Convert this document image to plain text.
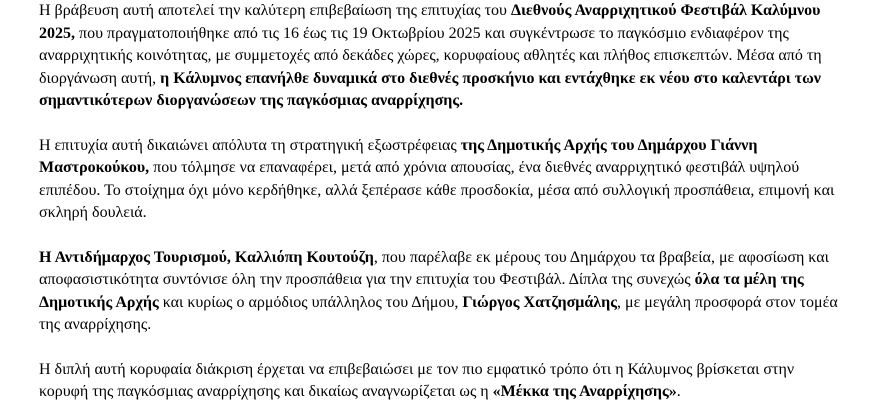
Η βράβευση αυτή αποτελεί την καλύτερη επιβεβαίωση της επιτυχίας του Διεθνούς Αναρριχητικού Φεστιβάλ Καλύμνου 2025, που πραγματοποιήθηκε από τις 16 έως τις 19 Οκτωβρίου 2025 και συγκέντρωσε το παγκόσμιο ενδιαφέρον της αναρριχητικής κοινότητας, με συμμετοχές από δεκάδες χώρες, κορυφαίους αθλητές και πλήθος επισκεπτών. Μέσα από τη διοργάνωση αυτή, η Κάλυμνος επανήλθε δυναμικά στο διεθνές προσκήνιο και εντάχθηκε εκ νέου στο καλεντάρι των σημαντικότερων διοργανώσεων της παγκόσμιας αναρρίχησης.

Η επιτυχία αυτή δικαιώνει απόλυτα τη στρατηγική εξωστρέφειας της Δημοτικής Αρχής του Δημάρχου Γιάννη Μαστροκούκου, που τόλμησε να επαναφέρει, μετά από χρόνια απουσίας, ένα διεθνές αναρριχητικό φεστιβάλ υψηλού επιπέδου. Το στοίχημα όχι μόνο κερδήθηκε, αλλά ξεπέρασε κάθε προσδοκία, μέσα από συλλογική προσπάθεια, επιμονή και σκληρή δουλειά.

Η Αντιδήμαρχος Τουρισμού, Καλλιόπη Κουτούζη, που παρέλαβε εκ μέρους του Δημάρχου τα βραβεία, με αφοσίωση και αποφασιστικότητα συντόνισε όλη την προσπάθεια για την επιτυχία του Φεστιβάλ. Δίπλα της συνεχώς όλα τα μέλη της Δημοτικής Αρχής και κυρίως ο αρμόδιος υπάλληλος του Δήμου, Γιώργος Χατζησμάλης, με μεγάλη προσφορά στον τομέα της αναρρίχησης.

Η διπλή αυτή κορυφαία διάκριση έρχεται να επιβεβαιώσει με τον πιο εμφατικό τρόπο ότι η Κάλυμνος βρίσκεται στην κορυφή της παγκόσμιας αναρρίχησης και δικαίως αναγνωρίζεται ως η «Μέκκα της Αναρρίχησης».
